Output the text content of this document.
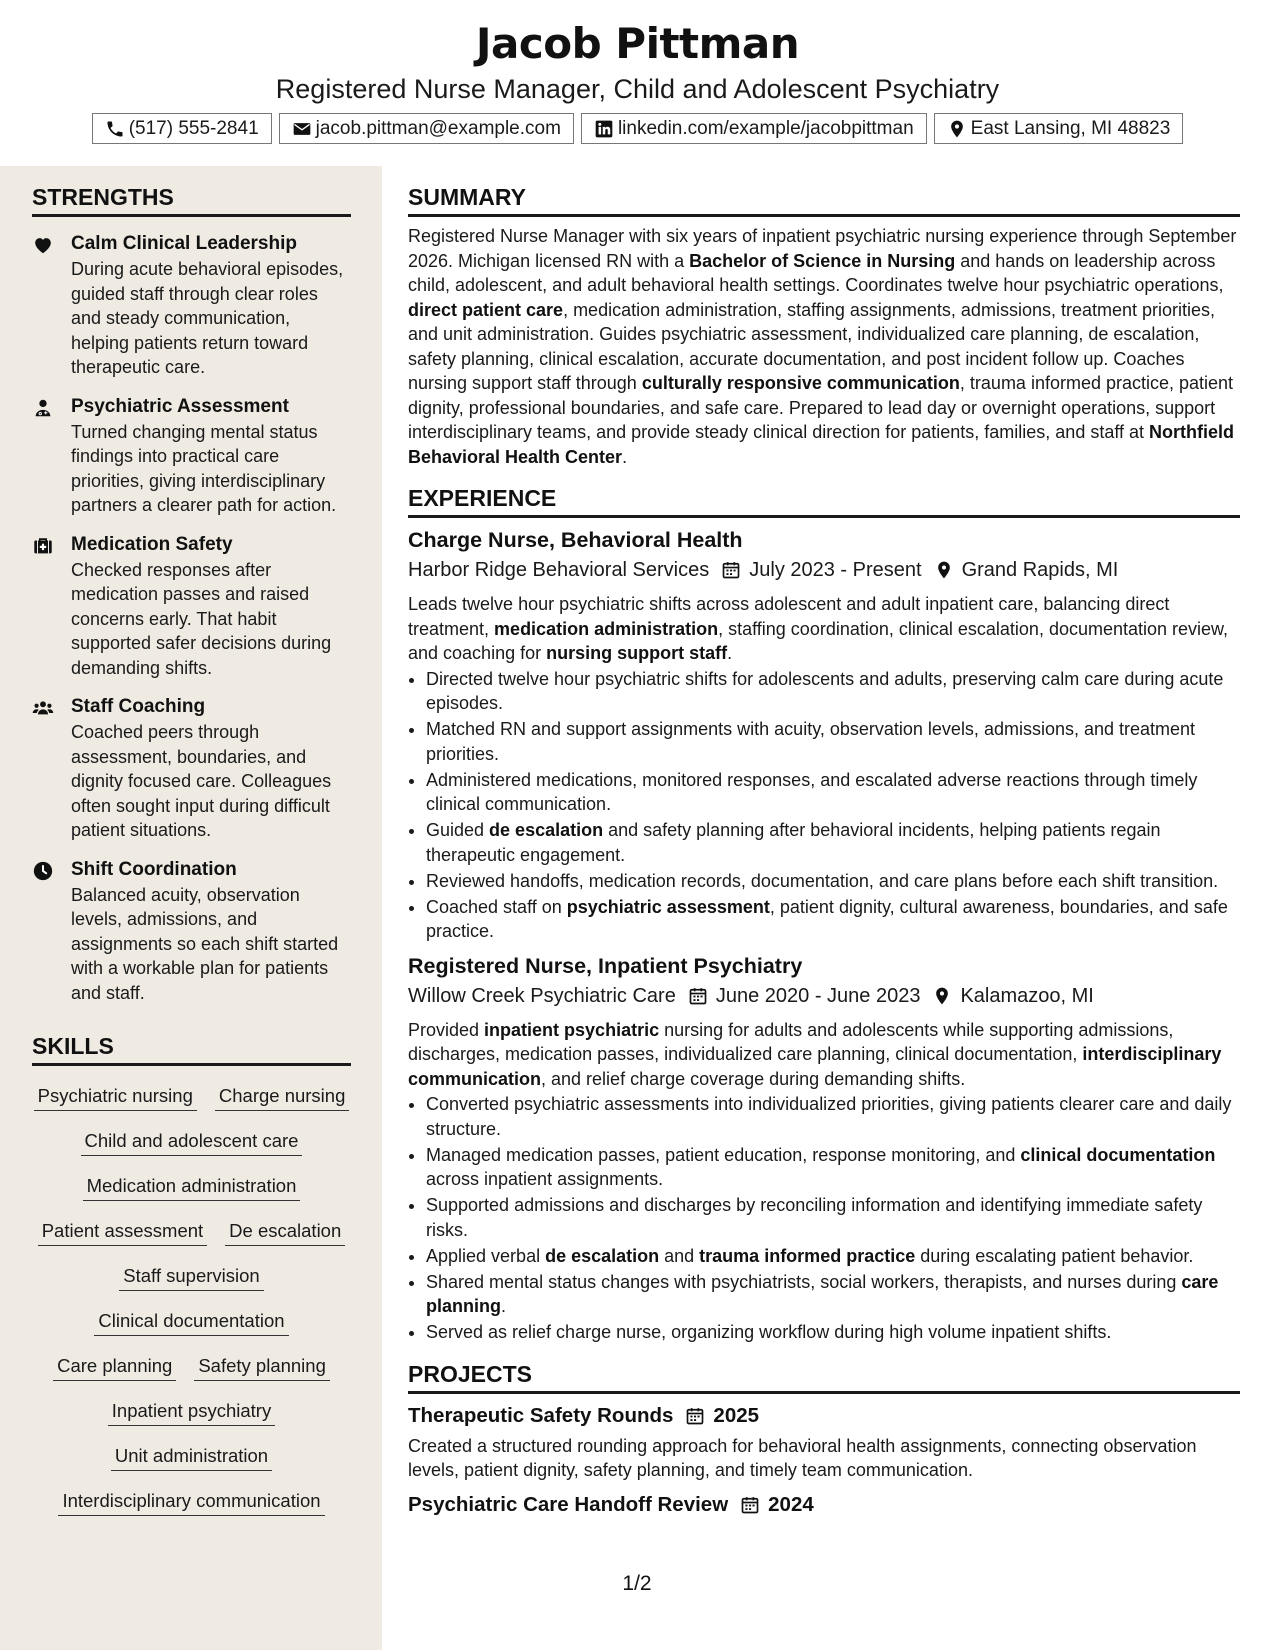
Jacob Pittman
Registered Nurse Manager, Child and Adolescent Psychiatry
(517) 555-2841	jacob.pittman@example.com	linkedin.com/example/jacobpittman	East Lansing, MI 48823
STRENGTHS
Calm Clinical Leadership
During acute behavioral episodes, guided staff through clear roles and steady communication, helping patients return toward therapeutic care.
Psychiatric Assessment
Turned changing mental status findings into practical care priorities, giving interdisciplinary partners a clearer path for action.
Medication Safety
Checked responses after medication passes and raised concerns early. That habit supported safer decisions during demanding shifts.
Staff Coaching
Coached peers through assessment, boundaries, and dignity focused care. Colleagues often sought input during difficult patient situations.
Shift Coordination
Balanced acuity, observation levels, admissions, and assignments so each shift started with a workable plan for patients and staff.
SKILLS
Psychiatric nursing Charge nursing
Child and adolescent care
Medication administration
Patient assessment De escalation
Staff supervision
Clinical documentation
Care planning Safety planning
Inpatient psychiatry
Unit administration
Interdisciplinary communication
SUMMARY
Registered Nurse Manager with six years of inpatient psychiatric nursing experience through September 2026. Michigan licensed RN with a Bachelor of Science in Nursing and hands on leadership across child, adolescent, and adult behavioral health settings. Coordinates twelve hour psychiatric operations, direct patient care, medication administration, staffing assignments, admissions, treatment priorities, and unit administration. Guides psychiatric assessment, individualized care planning, de escalation, safety planning, clinical escalation, accurate documentation, and post incident follow up. Coaches nursing support staff through culturally responsive communication, trauma informed practice, patient dignity, professional boundaries, and safe care. Prepared to lead day or overnight operations, support interdisciplinary teams, and provide steady clinical direction for patients, families, and staff at Northfield Behavioral Health Center.
EXPERIENCE
Charge Nurse, Behavioral Health
Harbor Ridge Behavioral Services July 2023 - Present Grand Rapids, MI
Leads twelve hour psychiatric shifts across adolescent and adult inpatient care, balancing direct treatment, medication administration, staffing coordination, clinical escalation, documentation review, and coaching for nursing support staff.
• Directed twelve hour psychiatric shifts for adolescents and adults, preserving calm care during acute episodes.
• Matched RN and support assignments with acuity, observation levels, admissions, and treatment priorities.
• Administered medications, monitored responses, and escalated adverse reactions through timely clinical communication.
• Guided de escalation and safety planning after behavioral incidents, helping patients regain therapeutic engagement.
• Reviewed handoffs, medication records, documentation, and care plans before each shift transition.
• Coached staff on psychiatric assessment, patient dignity, cultural awareness, boundaries, and safe practice.
Registered Nurse, Inpatient Psychiatry
Willow Creek Psychiatric Care June 2020 - June 2023 Kalamazoo, MI
Provided inpatient psychiatric nursing for adults and adolescents while supporting admissions, discharges, medication passes, individualized care planning, clinical documentation, interdisciplinary communication, and relief charge coverage during demanding shifts.
• Converted psychiatric assessments into individualized priorities, giving patients clearer care and daily structure.
• Managed medication passes, patient education, response monitoring, and clinical documentation across inpatient assignments.
• Supported admissions and discharges by reconciling information and identifying immediate safety risks.
• Applied verbal de escalation and trauma informed practice during escalating patient behavior.
• Shared mental status changes with psychiatrists, social workers, therapists, and nurses during care planning.
• Served as relief charge nurse, organizing workflow during high volume inpatient shifts.
PROJECTS
Therapeutic Safety Rounds 2025
Created a structured rounding approach for behavioral health assignments, connecting observation levels, patient dignity, safety planning, and timely team communication.
Psychiatric Care Handoff Review 2024
1/2
